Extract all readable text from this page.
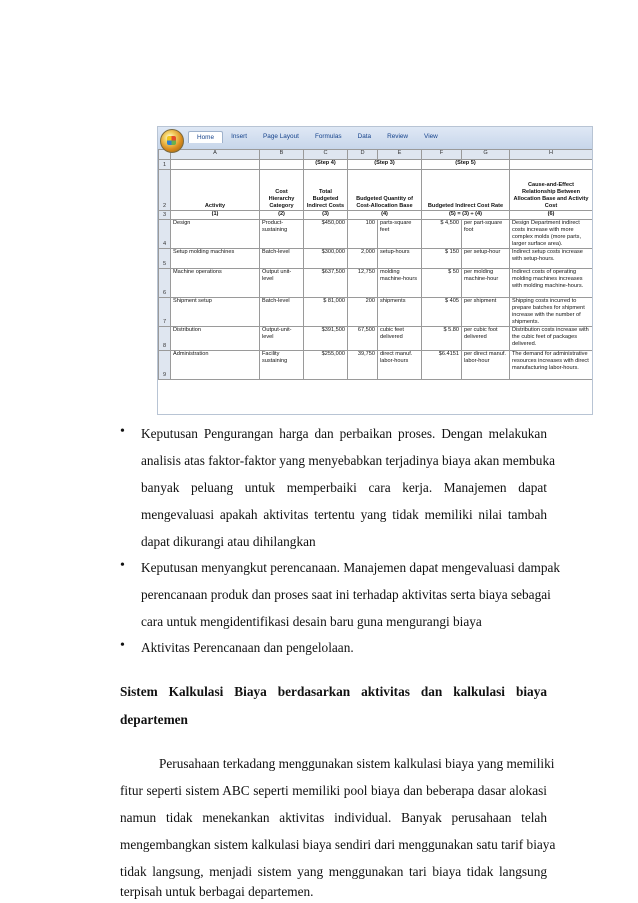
Home	Insert	Page Layout	Formulas	Data	Review	View
	A	B	C	D	E	F	G	H
1			(Step 4)	(Step 3)		(Step 5)		
2	Activity	Cost Hierarchy Category	Total Budgeted Indirect Costs	Budgeted Quantity of Cost-Allocation Base		Budgeted Indirect Cost Rate		Cause-and-Effect Relationship Between Allocation Base and Activity Cost
3	(1)	(2)	(3)	(4)		(5) = (3) ÷ (4)		(6)
4	Design	Product-sustaining	$450,000	100	parts-square feet	$ 4,500	per part-square foot	Design Department indirect costs increase with more complex molds (more parts, larger surface area).
5	Setup molding machines	Batch-level	$300,000	2,000	setup-hours	$ 150	per setup-hour	Indirect setup costs increase with setup-hours.
6	Machine operations	Output unit-level	$637,500	12,750	molding machine-hours	$ 50	per molding machine-hour	Indirect costs of operating molding machines increases with molding machine-hours.
7	Shipment setup	Batch-level	$ 81,000	200	shipments	$ 405	per shipment	Shipping costs incurred to prepare batches for shipment increase with the number of shipments.
8	Distribution	Output-unit-level	$391,500	67,500	cubic feet delivered	$ 5.80	per cubic foot delivered	Distribution costs increase with the cubic feet of packages delivered.
9	Administration	Facility sustaining	$255,000	39,750	direct manuf. labor-hours	$6.4151	per direct manuf. labor-hour	The demand for administrative resources increases with direct manufacturing labor-hours.
• Keputusan Pengurangan harga dan perbaikan proses. Dengan melakukan
analisis atas faktor-faktor yang menyebabkan terjadinya biaya akan membuka
banyak peluang untuk memperbaiki cara kerja. Manajemen dapat
mengevaluasi apakah aktivitas tertentu yang tidak memiliki nilai tambah
dapat dikurangi atau dihilangkan
• Keputusan menyangkut perencanaan. Manajemen dapat mengevaluasi dampak
perencanaan produk dan proses saat ini terhadap aktivitas serta biaya sebagai
cara untuk mengidentifikasi desain baru guna mengurangi biaya
• Aktivitas Perencanaan dan pengelolaan.
Sistem Kalkulasi Biaya berdasarkan aktivitas dan kalkulasi biaya
departemen
Perusahaan terkadang menggunakan sistem kalkulasi biaya yang memiliki
fitur seperti sistem ABC seperti memiliki pool biaya dan beberapa dasar alokasi
namun tidak menekankan aktivitas individual. Banyak perusahaan telah
mengembangkan sistem kalkulasi biaya sendiri dari menggunakan satu tarif biaya
tidak langsung, menjadi sistem yang menggunakan tari biaya tidak langsung
terpisah untuk berbagai departemen.
